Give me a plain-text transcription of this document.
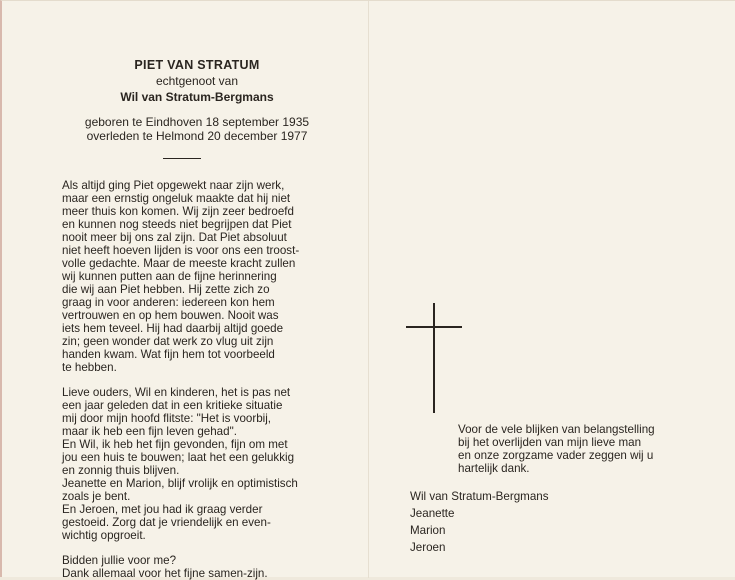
PIET VAN STRATUM
echtgenoot van
Wil van Stratum-Bergmans
geboren te Eindhoven 18 september 1935
overleden te Helmond 20 december 1977

Als altijd ging Piet opgewekt naar zijn werk,
maar een ernstig ongeluk maakte dat hij niet
meer thuis kon komen. Wij zijn zeer bedroefd
en kunnen nog steeds niet begrijpen dat Piet
nooit meer bij ons zal zijn. Dat Piet absoluut
niet heeft hoeven lijden is voor ons een troost-
volle gedachte. Maar de meeste kracht zullen
wij kunnen putten aan de fijne herinnering
die wij aan Piet hebben. Hij zette zich zo
graag in voor anderen: iedereen kon hem
vertrouwen en op hem bouwen. Nooit was
iets hem teveel. Hij had daarbij altijd goede
zin; geen wonder dat werk zo vlug uit zijn
handen kwam. Wat fijn hem tot voorbeeld
te hebben.

Lieve ouders, Wil en kinderen, het is pas net
een jaar geleden dat in een kritieke situatie
mij door mijn hoofd flitste: "Het is voorbij,
maar ik heb een fijn leven gehad".
En Wil, ik heb het fijn gevonden, fijn om met
jou een huis te bouwen; laat het een gelukkig
en zonnig thuis blijven.
Jeanette en Marion, blijf vrolijk en optimistisch
zoals je bent.
En Jeroen, met jou had ik graag verder
gestoeid. Zorg dat je vriendelijk en even-
wichtig opgroeit.

Bidden jullie voor me?
Dank allemaal voor het fijne samen-zijn.

Voor de vele blijken van belangstelling
bij het overlijden van mijn lieve man
en onze zorgzame vader zeggen wij u
hartelijk dank.
Wil van Stratum-Bergmans
Jeanette
Marion
Jeroen
